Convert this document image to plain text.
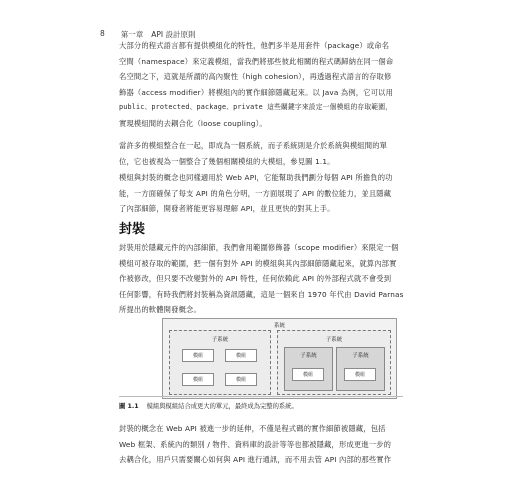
8 第一章 API 設計原則
大部分的程式語言都有提供模組化的特性，他們多半是用套件（package）或命名
空間（namespace）來定義模組，當我們將那些彼此相關的程式碼歸納在同一個命
名空間之下，這就是所謂的高內聚性（high cohesion），再透過程式語言的存取修
飾器（access modifier）將模組內的實作細節隱藏起來。以 Java 為例，它可以用
public、protected、package、private 這些關鍵字來設定一個模組的存取範圍，
實現模組間的去耦合化（loose coupling）。
當許多的模組整合在一起，即成為一個系統，而子系統則是介於系統與模組間的單
位，它也被視為一個整合了幾個相關模組的大模組，參見圖 1.1。
模組與封裝的概念也同樣適用於 Web API，它能幫助我們劃分每個 API 所擔負的功
能，一方面確保了每支 API 的角色分明，一方面展現了 API 的數位能力，並且隱藏
了內部細節，開發者將能更容易理解 API，並且更快的對其上手。
封裝
封裝用於隱藏元件的內部細節，我們會用範圍修飾器（scope modifier）來限定一個
模組可被存取的範圍，把一個有對外 API 的模組與其內部細節隱藏起來，就算內部實
作被修改，但只要不改變對外的 API 特性，任何依賴此 API 的外部程式就不會受到
任何影響，有時我們將封裝稱為資訊隱藏，這是一個來自 1970 年代由 David Parnas
所提出的軟體開發概念。
系統
子系統
模組	模組
模組	模組
子系統
子系統
模組
子系統
模組
圖 1.1 模組與模組結合成更大的單元，最終成為完整的系統。
封裝的概念在 Web API 被進一步的延伸，不僅是程式碼的實作細節被隱藏，包括
Web 框架、系統內的類別 / 物件、資料庫的設計等等也都被隱藏，形成更進一步的
去耦合化，用戶只需要關心如何與 API 進行通訊，而不用去管 API 內部的那些實作
